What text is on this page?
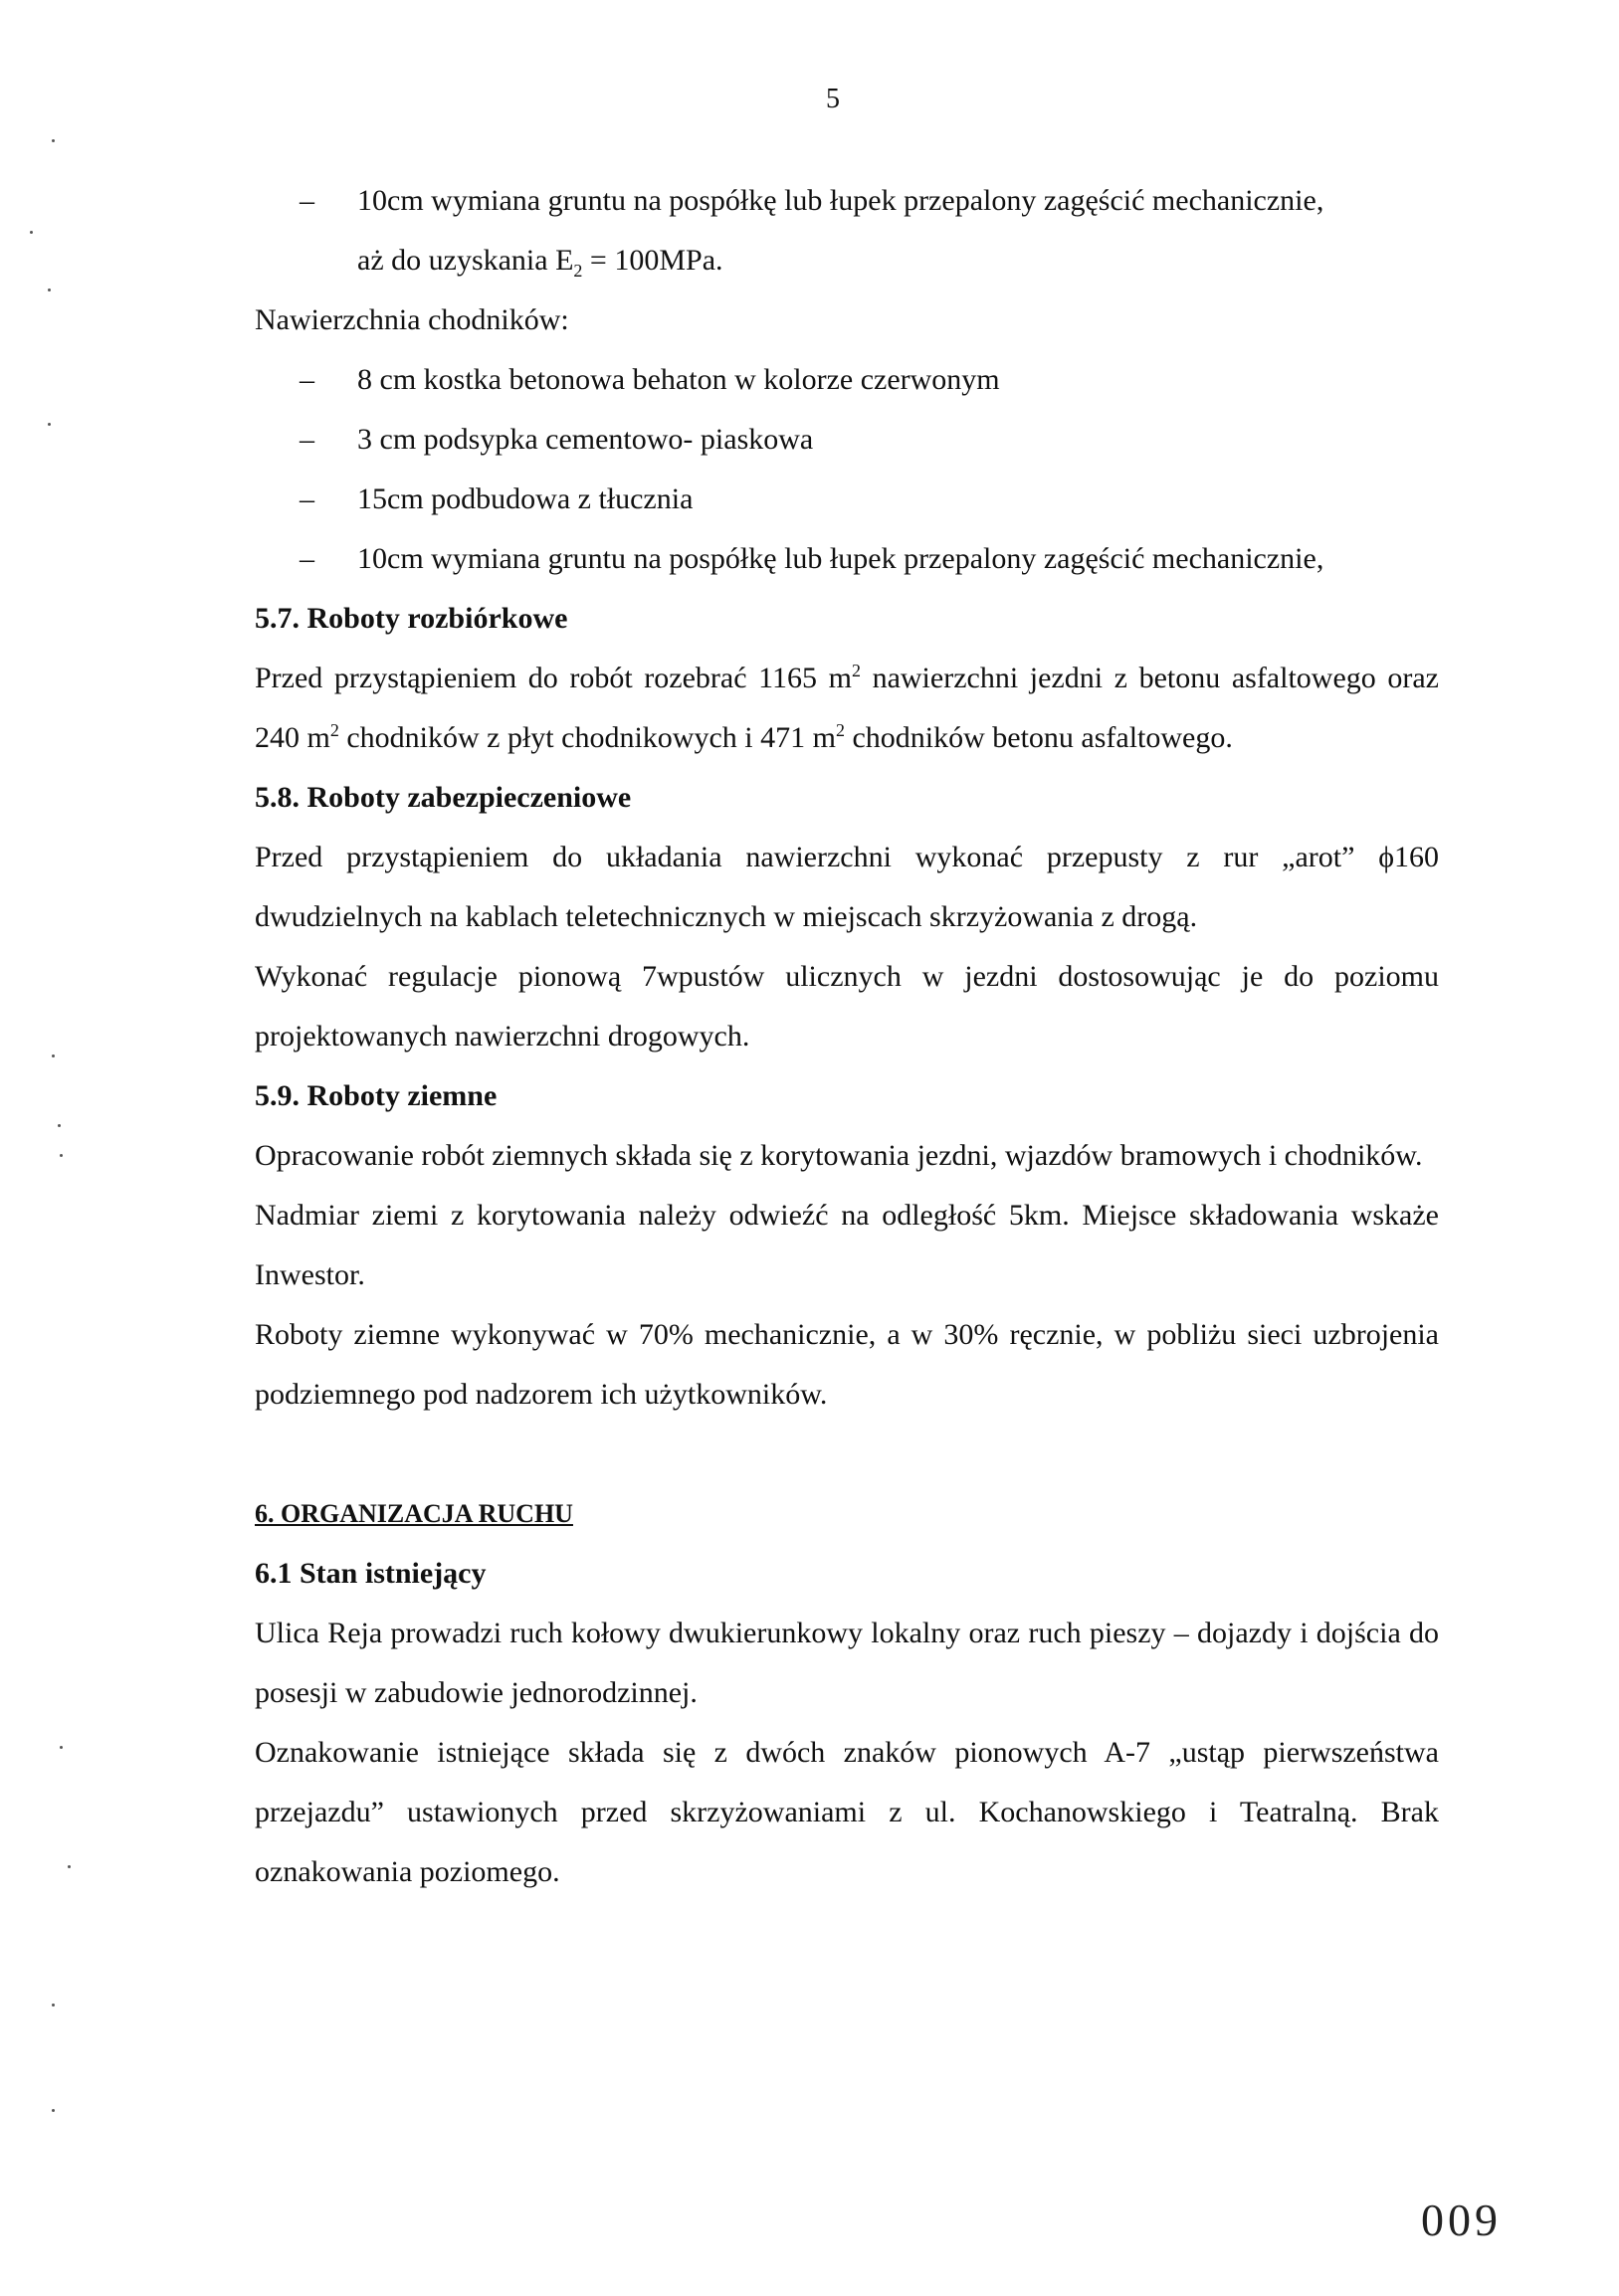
5
– 10cm wymiana gruntu na pospółkę lub łupek przepalony zagęścić mechanicznie,
aż do uzyskania $E_2 = 100MPa$.
Nawierzchnia chodników:
– 8 cm kostka betonowa behaton w kolorze czerwonym
– 3 cm podsypka cementowo- piaskowa
– 15cm podbudowa z tłucznia
– 10cm wymiana gruntu na pospółkę lub łupek przepalony zagęścić mechanicznie,
5.7. Roboty rozbiórkowe
Przed przystąpieniem do robót rozebrać 1165 $m^2$ nawierzchni jezdni z betonu asfaltowego oraz 240 $m^2$ chodników z płyt chodnikowych i 471 $m^2$ chodników betonu asfaltowego.
5.8. Roboty zabezpieczeniowe
Przed przystąpieniem do układania nawierzchni wykonać przepusty z rur „arot” ϕ160 dwudzielnych na kablach teletechnicznych w miejscach skrzyżowania z drogą.
Wykonać regulacje pionową 7wpustów ulicznych w jezdni dostosowując je do poziomu projektowanych nawierzchni drogowych.
5.9. Roboty ziemne
Opracowanie robót ziemnych składa się z korytowania jezdni, wjazdów bramowych i chodników.
Nadmiar ziemi z korytowania należy odwieźć na odległość 5km. Miejsce składowania wskaże Inwestor.
Roboty ziemne wykonywać w 70% mechanicznie, a w 30% ręcznie, w pobliżu sieci uzbrojenia podziemnego pod nadzorem ich użytkowników.
6. ORGANIZACJA RUCHU
6.1 Stan istniejący
Ulica Reja prowadzi ruch kołowy dwukierunkowy lokalny oraz ruch pieszy – dojazdy i dojścia do posesji w zabudowie jednorodzinnej.
Oznakowanie istniejące składa się z dwóch znaków pionowych A-7 „ustąp pierwszeństwa przejazdu” ustawionych przed skrzyżowaniami z ul. Kochanowskiego i Teatralną. Brak oznakowania poziomego.
009
